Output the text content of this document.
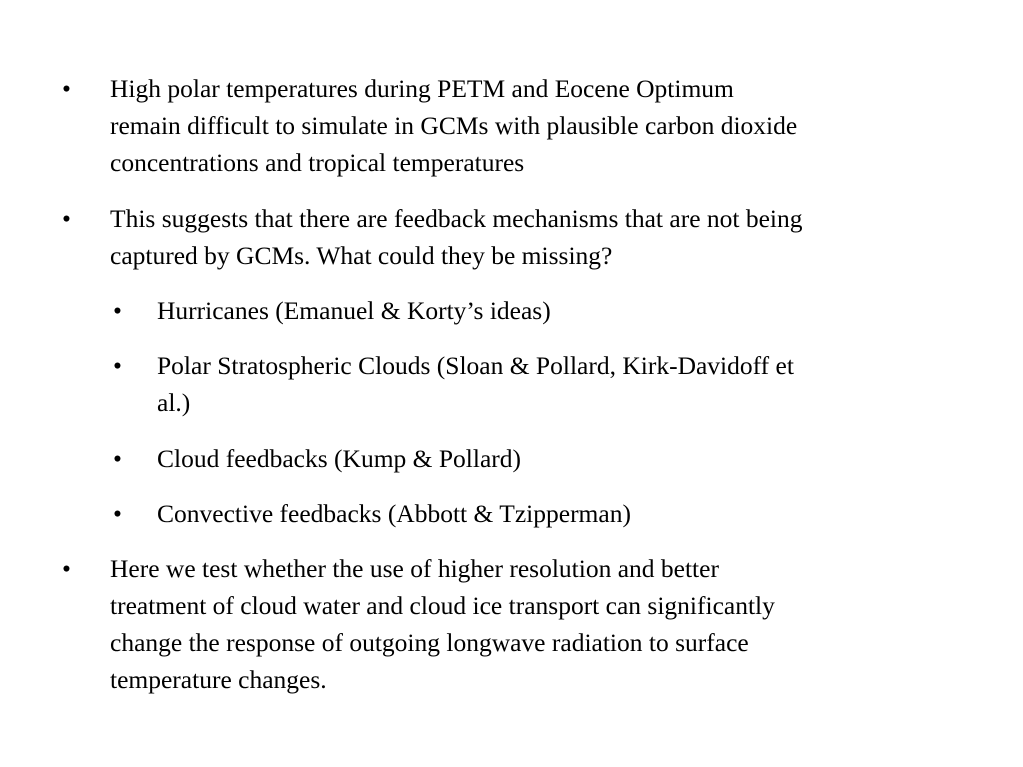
• High polar temperatures during PETM and Eocene Optimum
remain difficult to simulate in GCMs with plausible carbon dioxide
concentrations and tropical temperatures
• This suggests that there are feedback mechanisms that are not being
captured by GCMs. What could they be missing?
• Hurricanes (Emanuel & Korty’s ideas)
• Polar Stratospheric Clouds (Sloan & Pollard, Kirk-Davidoff et
al.)
• Cloud feedbacks (Kump & Pollard)
• Convective feedbacks (Abbott & Tzipperman)
• Here we test whether the use of higher resolution and better
treatment of cloud water and cloud ice transport can significantly
change the response of outgoing longwave radiation to surface
temperature changes.
